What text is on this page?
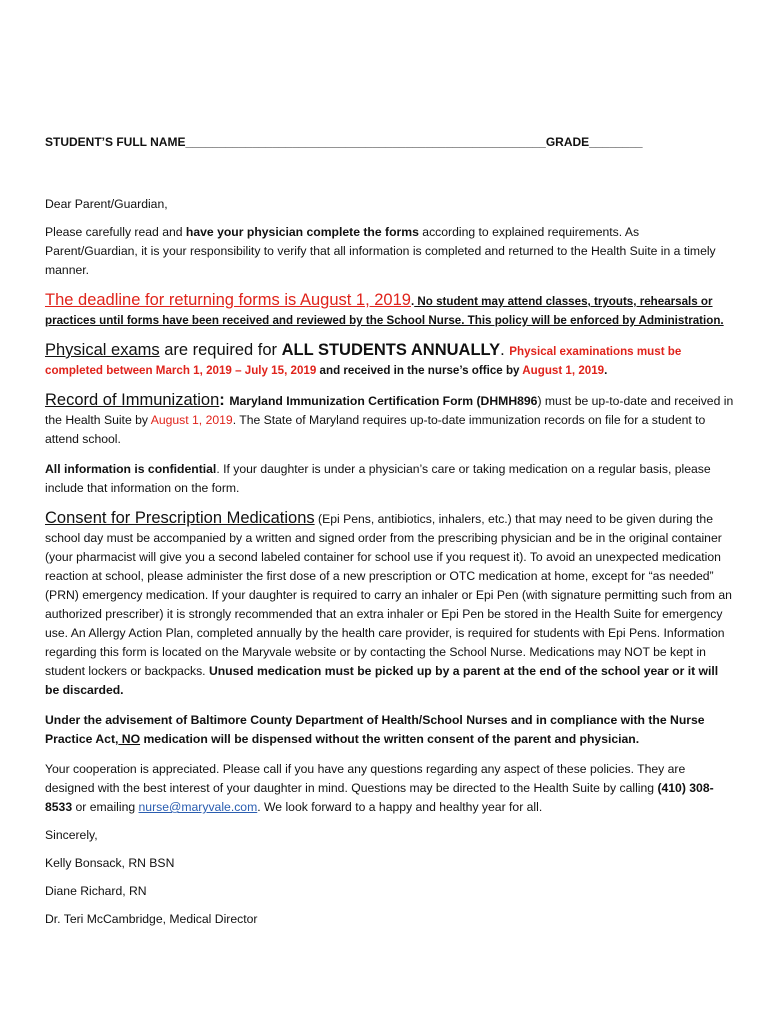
STUDENT’S FULL NAME______________________________________________________GRADE________

Dear Parent/Guardian,

Please carefully read and have your physician complete the forms according to explained requirements. As Parent/Guardian, it is your responsibility to verify that all information is completed and returned to the Health Suite in a timely manner.

The deadline for returning forms is August 1, 2019. No student may attend classes, tryouts, rehearsals or practices until forms have been received and reviewed by the School Nurse. This policy will be enforced by Administration.

Physical exams are required for ALL STUDENTS ANNUALLY. Physical examinations must be completed between March 1, 2019 – July 15, 2019 and received in the nurse’s office by August 1, 2019.

Record of Immunization: Maryland Immunization Certification Form (DHMH896) must be up-to-date and received in the Health Suite by August 1, 2019. The State of Maryland requires up-to-date immunization records on file for a student to attend school.

All information is confidential. If your daughter is under a physician’s care or taking medication on a regular basis, please include that information on the form.

Consent for Prescription Medications (Epi Pens, antibiotics, inhalers, etc.) that may need to be given during the school day must be accompanied by a written and signed order from the prescribing physician and be in the original container (your pharmacist will give you a second labeled container for school use if you request it). To avoid an unexpected medication reaction at school, please administer the first dose of a new prescription or OTC medication at home, except for “as needed” (PRN) emergency medication. If your daughter is required to carry an inhaler or Epi Pen (with signature permitting such from an authorized prescriber) it is strongly recommended that an extra inhaler or Epi Pen be stored in the Health Suite for emergency use. An Allergy Action Plan, completed annually by the health care provider, is required for students with Epi Pens. Information regarding this form is located on the Maryvale website or by contacting the School Nurse. Medications may NOT be kept in student lockers or backpacks. Unused medication must be picked up by a parent at the end of the school year or it will be discarded.

Under the advisement of Baltimore County Department of Health/School Nurses and in compliance with the Nurse Practice Act, NO medication will be dispensed without the written consent of the parent and physician.

Your cooperation is appreciated. Please call if you have any questions regarding any aspect of these policies. They are designed with the best interest of your daughter in mind. Questions may be directed to the Health Suite by calling (410) 308-8533 or emailing nurse@maryvale.com. We look forward to a happy and healthy year for all.

Sincerely,

Kelly Bonsack, RN BSN

Diane Richard, RN

Dr. Teri McCambridge, Medical Director
